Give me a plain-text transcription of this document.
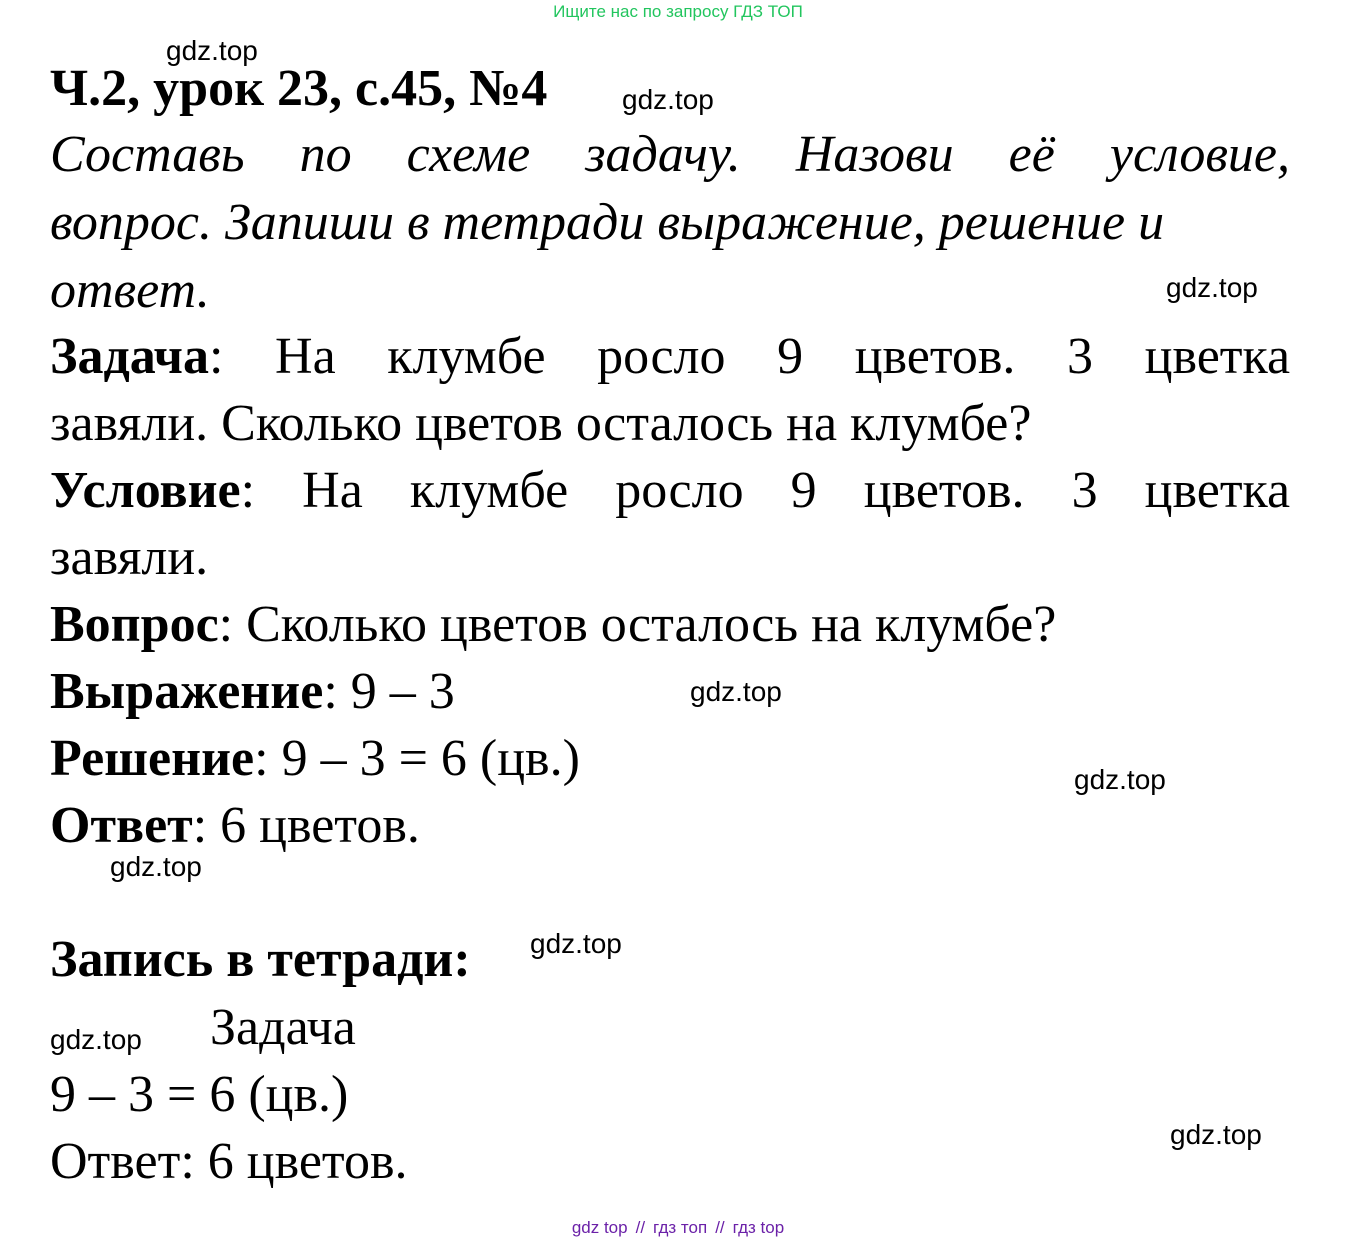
Ищите нас по запросу ГДЗ ТОП
gdz.top
gdz.top
gdz.top
gdz.top
gdz.top
gdz.top
gdz.top
gdz.top
gdz.top
Ч.2, урок 23, с.45, №4
Составь по схеме задачу. Назови её условие,
вопрос. Запиши в тетради выражение, решение и
ответ.
Задача: На клумбе росло 9 цветов. 3 цветка
завяли. Сколько цветов осталось на клумбе?
Условие: На клумбе росло 9 цветов. 3 цветка
завяли.
Вопрос: Сколько цветов осталось на клумбе?
Выражение: 9 – 3
Решение: 9 – 3 = 6 (цв.)
Ответ: 6 цветов.
Запись в тетради:
Задача
9 – 3 = 6 (цв.)
Ответ: 6 цветов.
gdz top // гдз топ // гдз top
